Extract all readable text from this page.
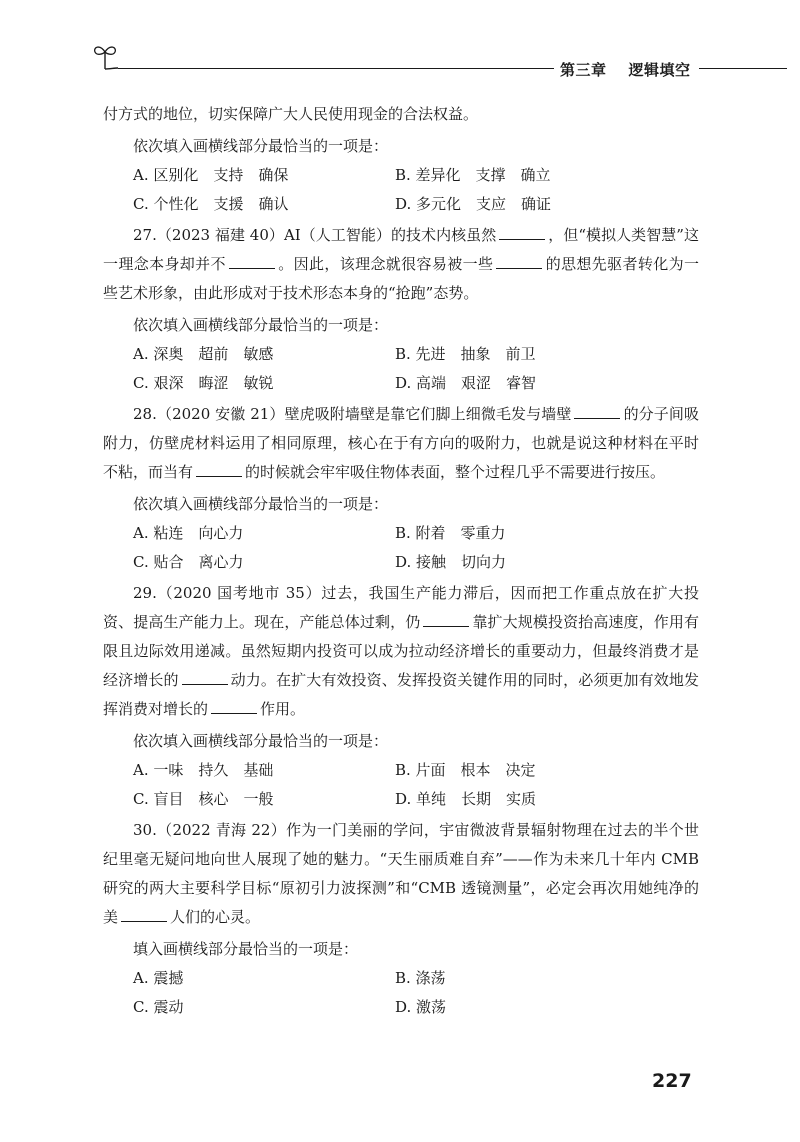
第三章 逻辑填空
付方式的地位，切实保障广大人民使用现金的合法权益。
依次填入画横线部分最恰当的一项是：
A. 区别化　支持　确保	B. 差异化　支撑　确立
C. 个性化　支援　确认	D. 多元化　支应　确证
27.（2023 福建 40）AI（人工智能）的技术内核虽然	，但“模拟人类智慧”这一理念本身却并不	。因此，该理念就很容易被一些	的思想先驱者转化为一些艺术形象，由此形成对于技术形态本身的“抢跑”态势。
依次填入画横线部分最恰当的一项是：
A. 深奥　超前　敏感	B. 先进　抽象　前卫
C. 艰深　晦涩　敏锐	D. 高端　艰涩　睿智
28.（2020 安徽 21）壁虎吸附墙壁是靠它们脚上细微毛发与墙壁	的分子间吸附力，仿壁虎材料运用了相同原理，核心在于有方向的吸附力，也就是说这种材料在平时不粘，而当有	的时候就会牢牢吸住物体表面，整个过程几乎不需要进行按压。
依次填入画横线部分最恰当的一项是：
A. 粘连　向心力	B. 附着　零重力
C. 贴合　离心力	D. 接触　切向力
29.（2020 国考地市 35）过去，我国生产能力滞后，因而把工作重点放在扩大投资、提高生产能力上。现在，产能总体过剩，仍	靠扩大规模投资抬高速度，作用有限且边际效用递减。虽然短期内投资可以成为拉动经济增长的重要动力，但最终消费才是经济增长的	动力。在扩大有效投资、发挥投资关键作用的同时，必须更加有效地发挥消费对增长的	作用。
依次填入画横线部分最恰当的一项是：
A. 一味　持久　基础	B. 片面　根本　决定
C. 盲目　核心　一般	D. 单纯　长期　实质
30.（2022 青海 22）作为一门美丽的学问，宇宙微波背景辐射物理在过去的半个世纪里毫无疑问地向世人展现了她的魅力。“天生丽质难自弃”——作为未来几十年内 CMB 研究的两大主要科学目标“原初引力波探测”和“CMB 透镜测量”，必定会再次用她纯净的美	人们的心灵。
填入画横线部分最恰当的一项是：
A. 震撼	B. 涤荡
C. 震动	D. 激荡
227
